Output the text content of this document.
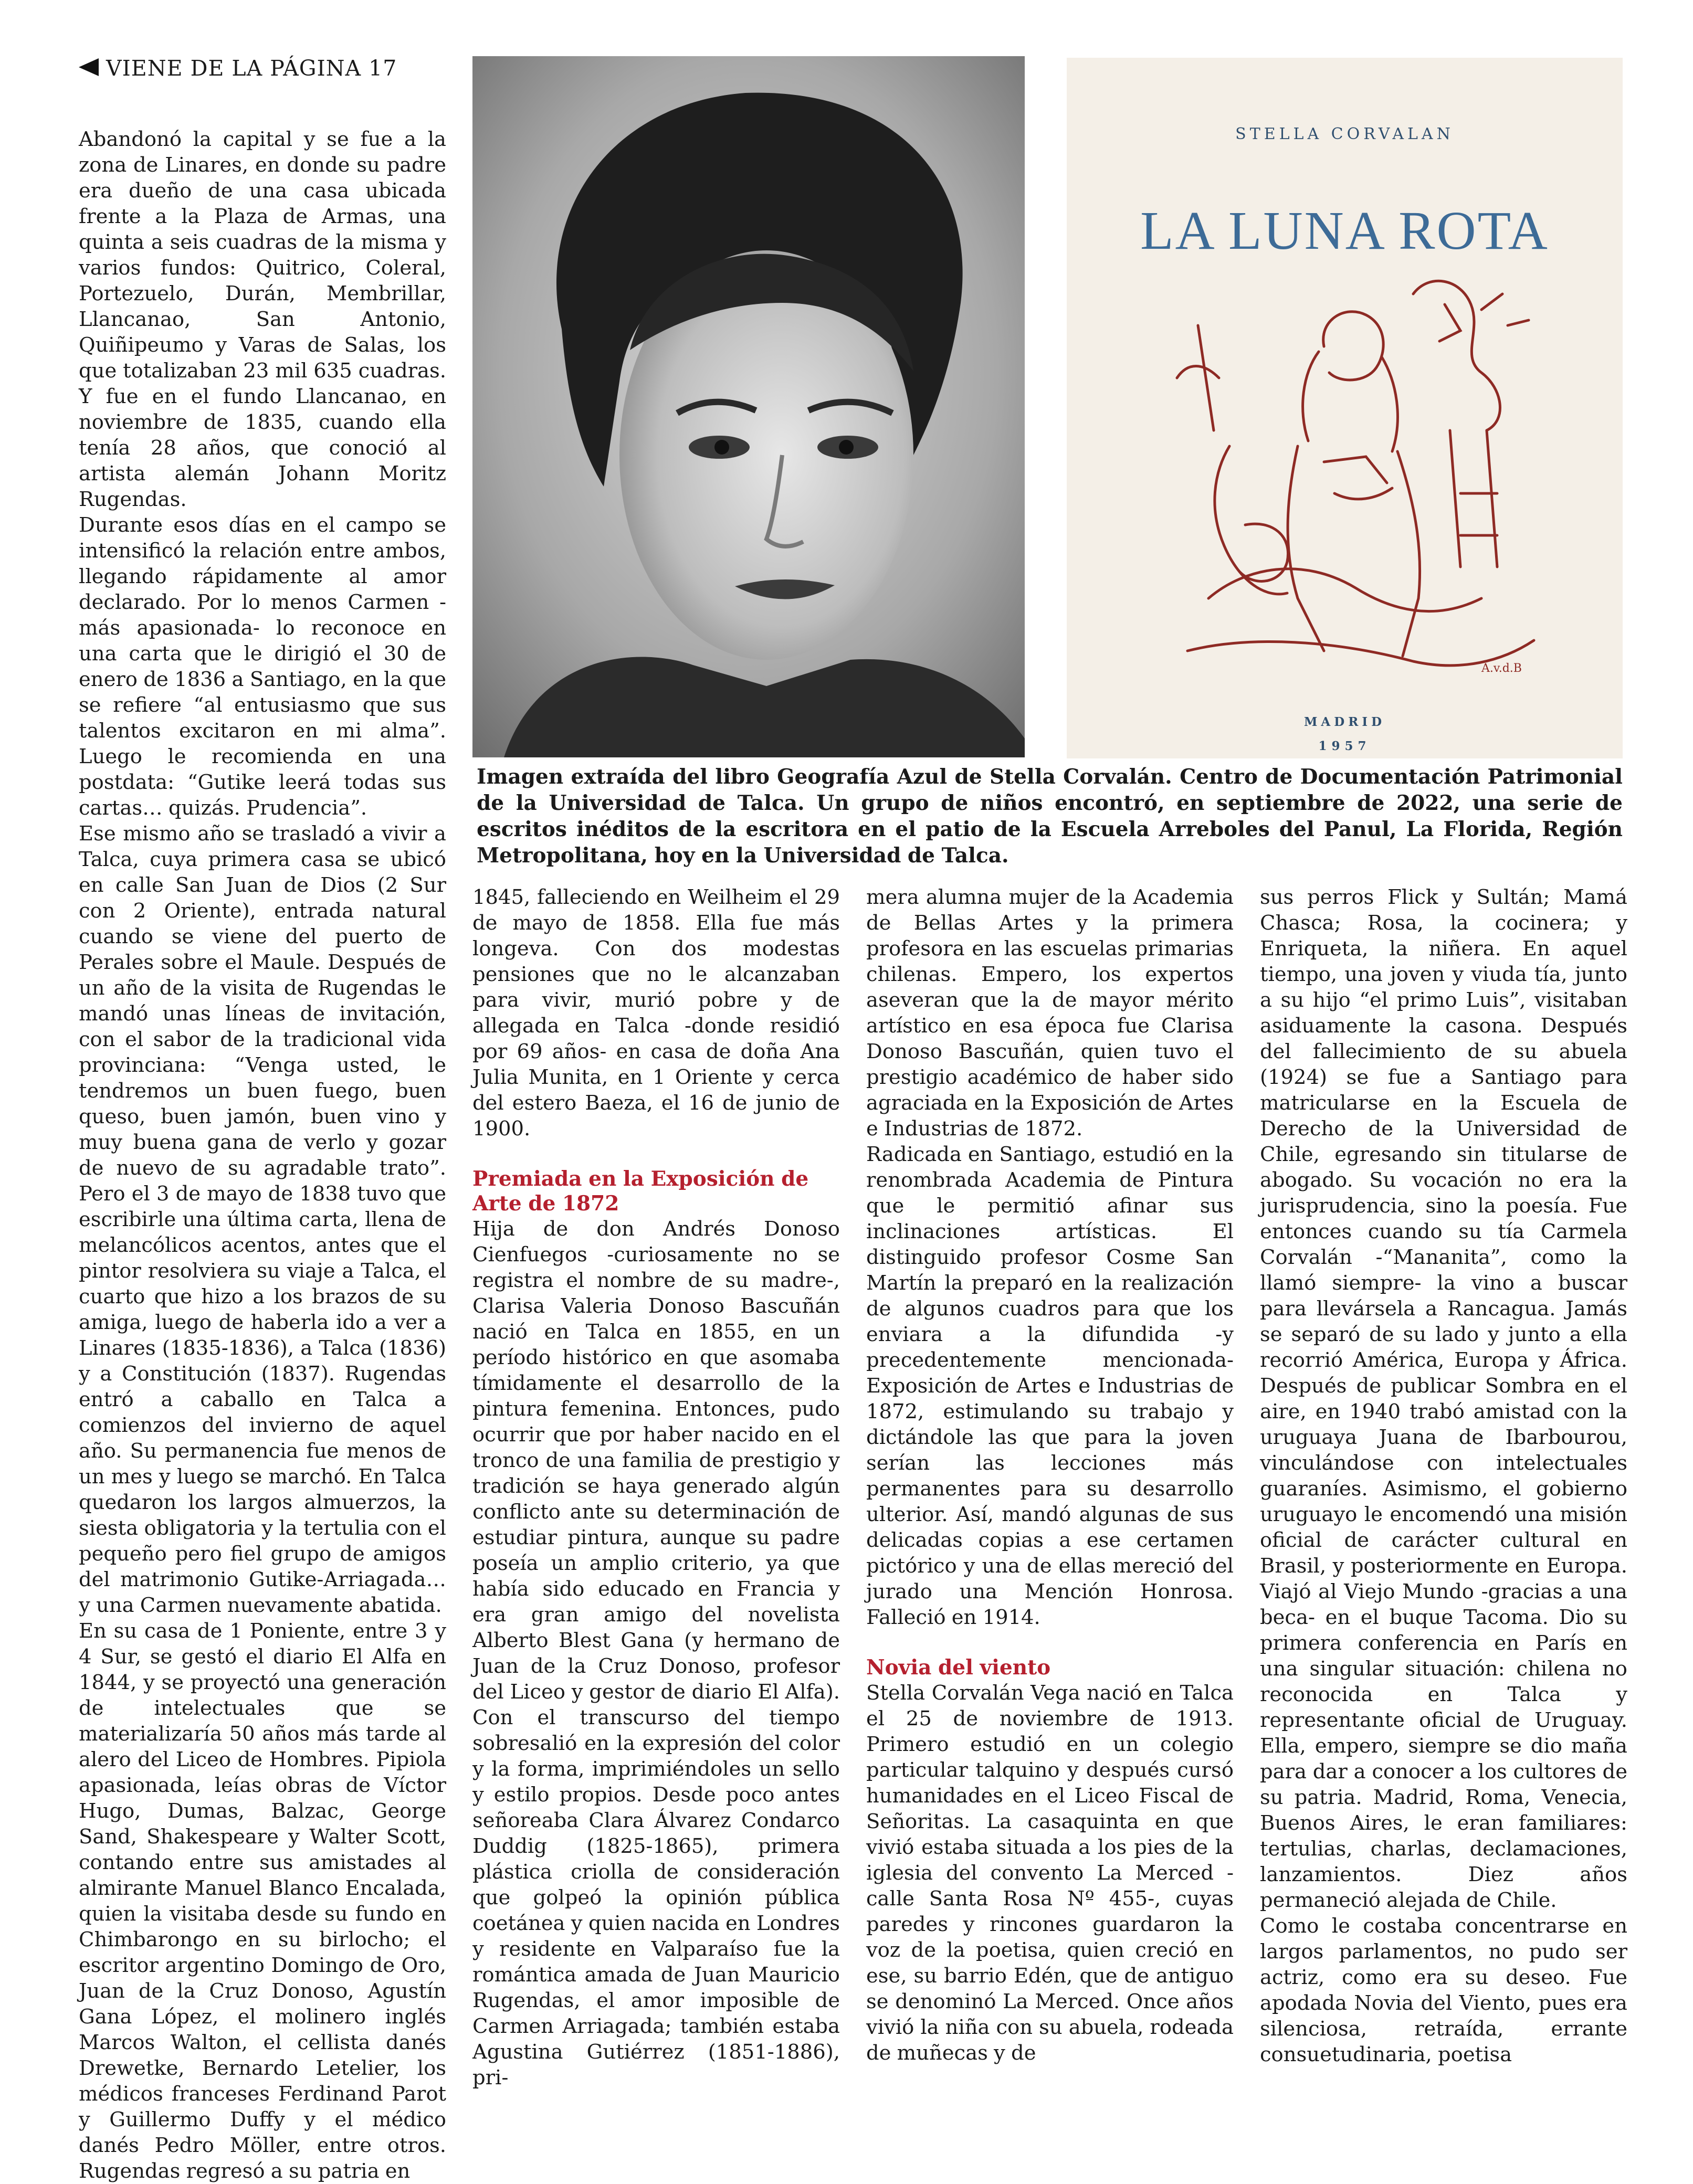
VIENE DE LA PÁGINA 17
STELLA CORVALAN
LA LUNA ROTA
A.v.d.B
MADRID
1957
Imagen extraída del libro Geografía Azul de Stella Corvalán. Centro de Documentación Patrimonial de la Universidad de Talca. Un grupo de niños encontró, en septiembre de 2022, una serie de escritos inéditos de la escritora en el patio de la Escuela Arreboles del Panul, La Florida, Región Metropolitana, hoy en la Universidad de Talca.

Abandonó la capital y se fue a la zona de Linares, en donde su padre era dueño de una casa ubicada frente a la Plaza de Armas, una quinta a seis cuadras de la misma y varios fundos: Quitrico, Coleral, Portezuelo, Durán, Membrillar, Llancanao, San Antonio, Quiñipeumo y Varas de Salas, los que totalizaban 23 mil 635 cuadras. Y fue en el fundo Llancanao, en noviembre de 1835, cuando ella tenía 28 años, que conoció al artista alemán Johann Moritz Rugendas.

Durante esos días en el campo se intensificó la relación entre ambos, llegando rápidamente al amor declarado. Por lo menos Carmen -más apasionada- lo reconoce en una carta que le dirigió el 30 de enero de 1836 a Santiago, en la que se refiere “al entusiasmo que sus talentos excitaron en mi alma”. Luego le recomienda en una postdata: “Gutike leerá todas sus cartas… quizás. Prudencia”.

Ese mismo año se trasladó a vivir a Talca, cuya primera casa se ubicó en calle San Juan de Dios (2 Sur con 2 Oriente), entrada natural cuando se viene del puerto de Perales sobre el Maule. Después de un año de la visita de Rugendas le mandó unas líneas de invitación, con el sabor de la tradicional vida provinciana: “Venga usted, le tendremos un buen fuego, buen queso, buen jamón, buen vino y muy buena gana de verlo y gozar de nuevo de su agradable trato”. Pero el 3 de mayo de 1838 tuvo que escribirle una última carta, llena de melancólicos acentos, antes que el pintor resolviera su viaje a Talca, el cuarto que hizo a los brazos de su amiga, luego de haberla ido a ver a Linares (1835-1836), a Talca (1836) y a Constitución (1837). Rugendas entró a caballo en Talca a comienzos del invierno de aquel año. Su permanencia fue menos de un mes y luego se marchó. En Talca quedaron los largos almuerzos, la siesta obligatoria y la tertulia con el pequeño pero fiel grupo de amigos del matrimonio Gutike-Arriagada… y una Carmen nuevamente abatida.

En su casa de 1 Poniente, entre 3 y 4 Sur, se gestó el diario El Alfa en 1844, y se proyectó una generación de intelectuales que se materializaría 50 años más tarde al alero del Liceo de Hombres. Pipiola apasionada, leías obras de Víctor Hugo, Dumas, Balzac, George Sand, Shakespeare y Walter Scott, contando entre sus amistades al almirante Manuel Blanco Encalada, quien la visitaba desde su fundo en Chimbarongo en su birlocho; el escritor argentino Domingo de Oro, Juan de la Cruz Donoso, Agustín Gana López, el molinero inglés Marcos Walton, el cellista danés Drewetke, Bernardo Letelier, los médicos franceses Ferdinand Parot y Guillermo Duffy y el médico danés Pedro Möller, entre otros. Rugendas regresó a su patria en

1845, falleciendo en Weilheim el 29 de mayo de 1858. Ella fue más longeva. Con dos modestas pensiones que no le alcanzaban para vivir, murió pobre y de allegada en Talca -donde residió por 69 años- en casa de doña Ana Julia Munita, en 1 Oriente y cerca del estero Baeza, el 16 de junio de 1900.

Premiada en la Exposición de Arte de 1872

Hija de don Andrés Donoso Cienfuegos -curiosamente no se registra el nombre de su madre-, Clarisa Valeria Donoso Bascuñán nació en Talca en 1855, en un período histórico en que asomaba tímidamente el desarrollo de la pintura femenina. Entonces, pudo ocurrir que por haber nacido en el tronco de una familia de prestigio y tradición se haya generado algún conflicto ante su determinación de estudiar pintura, aunque su padre poseía un amplio criterio, ya que había sido educado en Francia y era gran amigo del novelista Alberto Blest Gana (y hermano de Juan de la Cruz Donoso, profesor del Liceo y gestor de diario El Alfa). Con el transcurso del tiempo sobresalió en la expresión del color y la forma, imprimiéndoles un sello y estilo propios. Desde poco antes señoreaba Clara Álvarez Condarco Duddig (1825-1865), primera plástica criolla de consideración que golpeó la opinión pública coetánea y quien nacida en Londres y residente en Valparaíso fue la romántica amada de Juan Mauricio Rugendas, el amor imposible de Carmen Arriagada; también estaba Agustina Gutiérrez (1851-1886), pri-

mera alumna mujer de la Academia de Bellas Artes y la primera profesora en las escuelas primarias chilenas. Empero, los expertos aseveran que la de mayor mérito artístico en esa época fue Clarisa Donoso Bascuñán, quien tuvo el prestigio académico de haber sido agraciada en la Exposición de Artes e Industrias de 1872.

Radicada en Santiago, estudió en la renombrada Academia de Pintura que le permitió afinar sus inclinaciones artísticas. El distinguido profesor Cosme San Martín la preparó en la realización de algunos cuadros para que los enviara a la difundida -y precedentemente mencionada- Exposición de Artes e Industrias de 1872, estimulando su trabajo y dictándole las que para la joven serían las lecciones más permanentes para su desarrollo ulterior. Así, mandó algunas de sus delicadas copias a ese certamen pictórico y una de ellas mereció del jurado una Mención Honrosa. Falleció en 1914.

Novia del viento

Stella Corvalán Vega nació en Talca el 25 de noviembre de 1913. Primero estudió en un colegio particular talquino y después cursó humanidades en el Liceo Fiscal de Señoritas. La casaquinta en que vivió estaba situada a los pies de la iglesia del convento La Merced -calle Santa Rosa Nº 455-, cuyas paredes y rincones guardaron la voz de la poetisa, quien creció en ese, su barrio Edén, que de antiguo se denominó La Merced. Once años vivió la niña con su abuela, rodeada de muñecas y de

sus perros Flick y Sultán; Mamá Chasca; Rosa, la cocinera; y Enriqueta, la niñera. En aquel tiempo, una joven y viuda tía, junto a su hijo “el primo Luis”, visitaban asiduamente la casona. Después del fallecimiento de su abuela (1924) se fue a Santiago para matricularse en la Escuela de Derecho de la Universidad de Chile, egresando sin titularse de abogado. Su vocación no era la jurisprudencia, sino la poesía. Fue entonces cuando su tía Carmela Corvalán -“Mananita”, como la llamó siempre- la vino a buscar para llevársela a Rancagua. Jamás se separó de su lado y junto a ella recorrió América, Europa y África. Después de publicar Sombra en el aire, en 1940 trabó amistad con la uruguaya Juana de Ibarbourou, vinculándose con intelectuales guaraníes. Asimismo, el gobierno uruguayo le encomendó una misión oficial de carácter cultural en Brasil, y posteriormente en Europa. Viajó al Viejo Mundo -gracias a una beca- en el buque Tacoma. Dio su primera conferencia en París en una singular situación: chilena no reconocida en Talca y representante oficial de Uruguay. Ella, empero, siempre se dio maña para dar a conocer a los cultores de su patria. Madrid, Roma, Venecia, Buenos Aires, le eran familiares: tertulias, charlas, declamaciones, lanzamientos. Diez años permaneció alejada de Chile.

Como le costaba concentrarse en largos parlamentos, no pudo ser actriz, como era su deseo. Fue apodada Novia del Viento, pues era silenciosa, retraída, errante consuetudinaria, poetisa
